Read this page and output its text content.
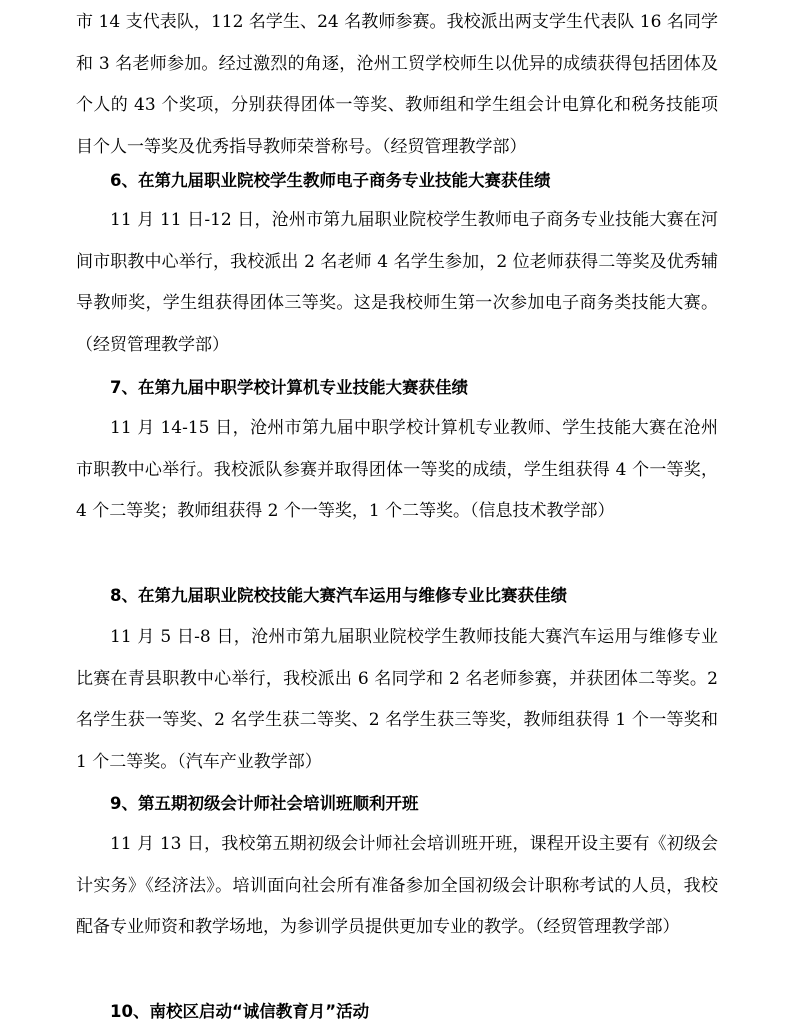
市 14 支代表队，112 名学生、24 名教师参赛。我校派出两支学生代表队 16 名同学和 3 名老师参加。经过激烈的角逐，沧州工贸学校师生以优异的成绩获得包括团体及个人的 43 个奖项，分别获得团体一等奖、教师组和学生组会计电算化和税务技能项目个人一等奖及优秀指导教师荣誉称号。（经贸管理教学部）

6、在第九届职业院校学生教师电子商务专业技能大赛获佳绩

11 月 11 日-12 日，沧州市第九届职业院校学生教师电子商务专业技能大赛在河间市职教中心举行，我校派出 2 名老师 4 名学生参加，2 位老师获得二等奖及优秀辅导教师奖，学生组获得团体三等奖。这是我校师生第一次参加电子商务类技能大赛。（经贸管理教学部）

7、在第九届中职学校计算机专业技能大赛获佳绩

11 月 14-15 日，沧州市第九届中职学校计算机专业教师、学生技能大赛在沧州市职教中心举行。我校派队参赛并取得团体一等奖的成绩，学生组获得 4 个一等奖，4 个二等奖；教师组获得 2 个一等奖，1 个二等奖。（信息技术教学部）

8、在第九届职业院校技能大赛汽车运用与维修专业比赛获佳绩

11 月 5 日-8 日，沧州市第九届职业院校学生教师技能大赛汽车运用与维修专业比赛在青县职教中心举行，我校派出 6 名同学和 2 名老师参赛，并获团体二等奖。2 名学生获一等奖、2 名学生获二等奖、2 名学生获三等奖，教师组获得 1 个一等奖和 1 个二等奖。（汽车产业教学部）

9、第五期初级会计师社会培训班顺利开班

11 月 13 日，我校第五期初级会计师社会培训班开班，课程开设主要有《初级会计实务》《经济法》。培训面向社会所有准备参加全国初级会计职称考试的人员，我校配备专业师资和教学场地，为参训学员提供更加专业的教学。（经贸管理教学部）

10、南校区启动“诚信教育月”活动
